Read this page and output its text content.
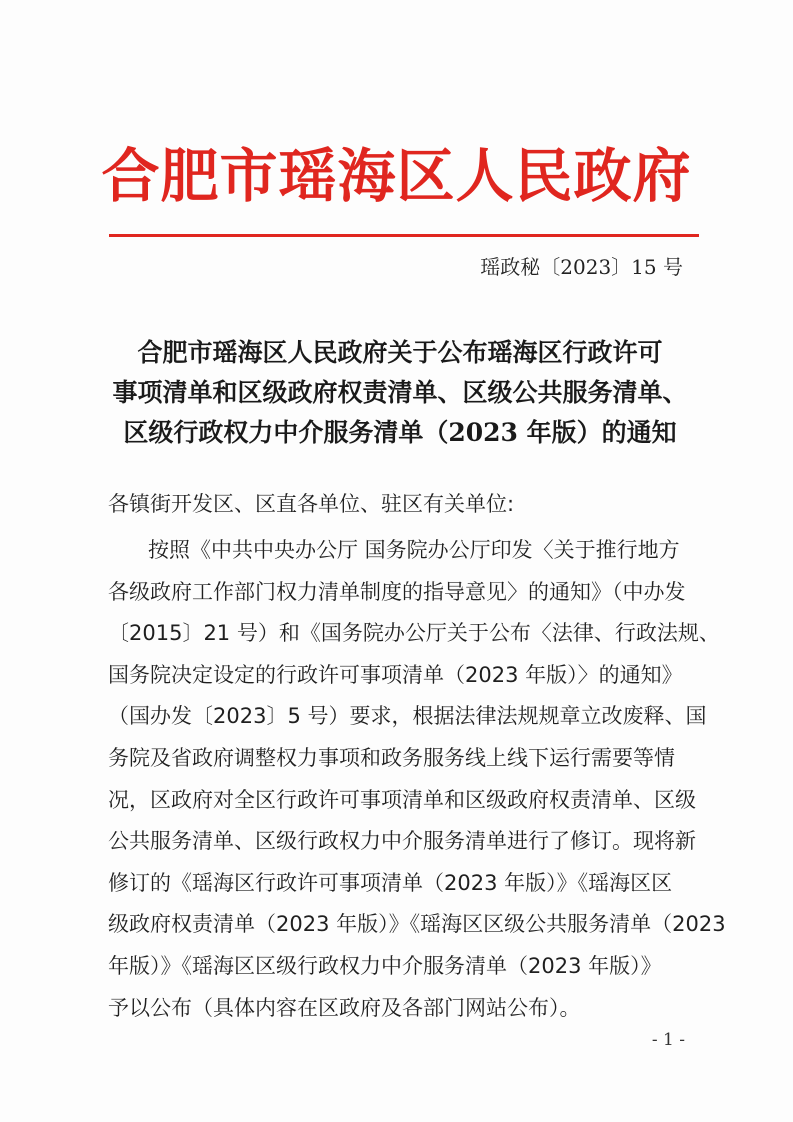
合肥市瑶海区人民政府
瑶政秘〔2023〕15 号
合肥市瑶海区人民政府关于公布瑶海区行政许可
事项清单和区级政府权责清单、区级公共服务清单、
区级行政权力中介服务清单（2023 年版）的通知
各镇街开发区、区直各单位、驻区有关单位:
按照《中共中央办公厅 国务院办公厅印发〈关于推行地方
各级政府工作部门权力清单制度的指导意见〉的通知》（中办发
〔2015〕21 号）和《国务院办公厅关于公布〈法律、行政法规、
国务院决定设定的行政许可事项清单（2023 年版）〉的通知》
（国办发〔2023〕5 号）要求，根据法律法规规章立改废释、国
务院及省政府调整权力事项和政务服务线上线下运行需要等情
况，区政府对全区行政许可事项清单和区级政府权责清单、区级
公共服务清单、区级行政权力中介服务清单进行了修订。现将新
修订的《瑶海区行政许可事项清单（2023 年版）》《瑶海区区
级政府权责清单（2023 年版）》《瑶海区区级公共服务清单（2023
年版）》《瑶海区区级行政权力中介服务清单（2023 年版）》
予以公布（具体内容在区政府及各部门网站公布）。
- 1 -
